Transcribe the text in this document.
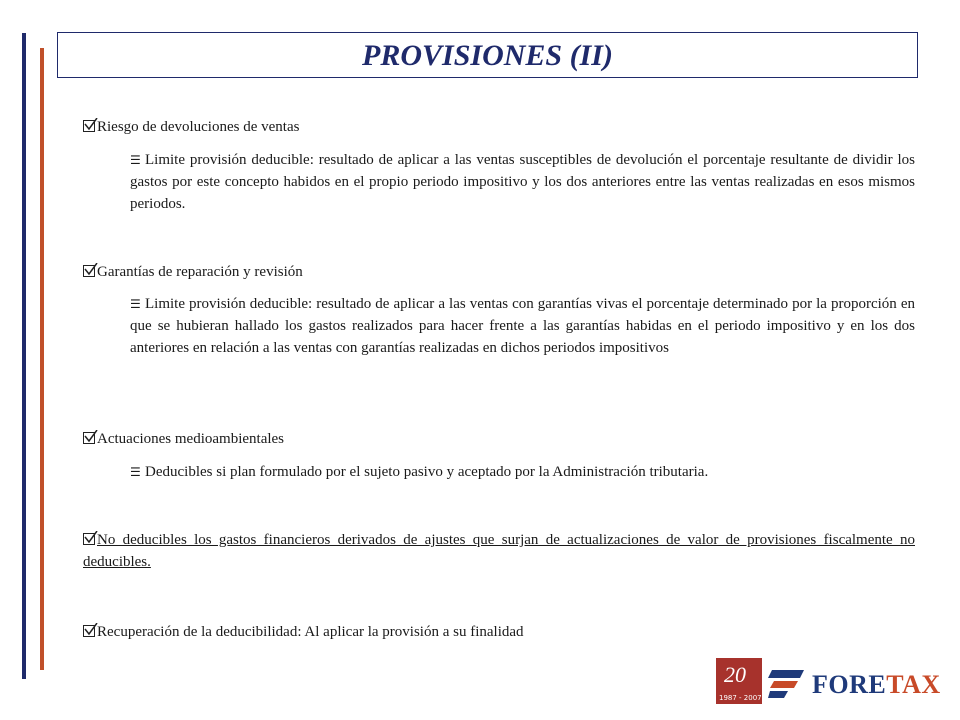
PROVISIONES (II)
Riesgo de devoluciones de ventas
☰ Limite provisión deducible: resultado de aplicar a las ventas susceptibles de devolución el porcentaje resultante de dividir los gastos por este concepto habidos en el propio periodo impositivo y los dos anteriores entre las ventas realizadas en esos mismos periodos.
Garantías de reparación y revisión
☰ Limite provisión deducible: resultado de aplicar a las ventas con garantías vivas el porcentaje determinado por la proporción en que se hubieran hallado los gastos realizados para hacer frente a las garantías habidas en el periodo impositivo y en los dos anteriores en relación a las ventas con garantías realizadas en dichos periodos impositivos
Actuaciones medioambientales
☰ Deducibles si plan formulado por el sujeto pasivo y aceptado por la Administración tributaria.
No deducibles los gastos financieros derivados de ajustes que surjan de actualizaciones de valor de provisiones fiscalmente no deducibles.
Recuperación de la deducibilidad: Al aplicar la provisión a su finalidad
20
1987 - 2007 FORETAX
